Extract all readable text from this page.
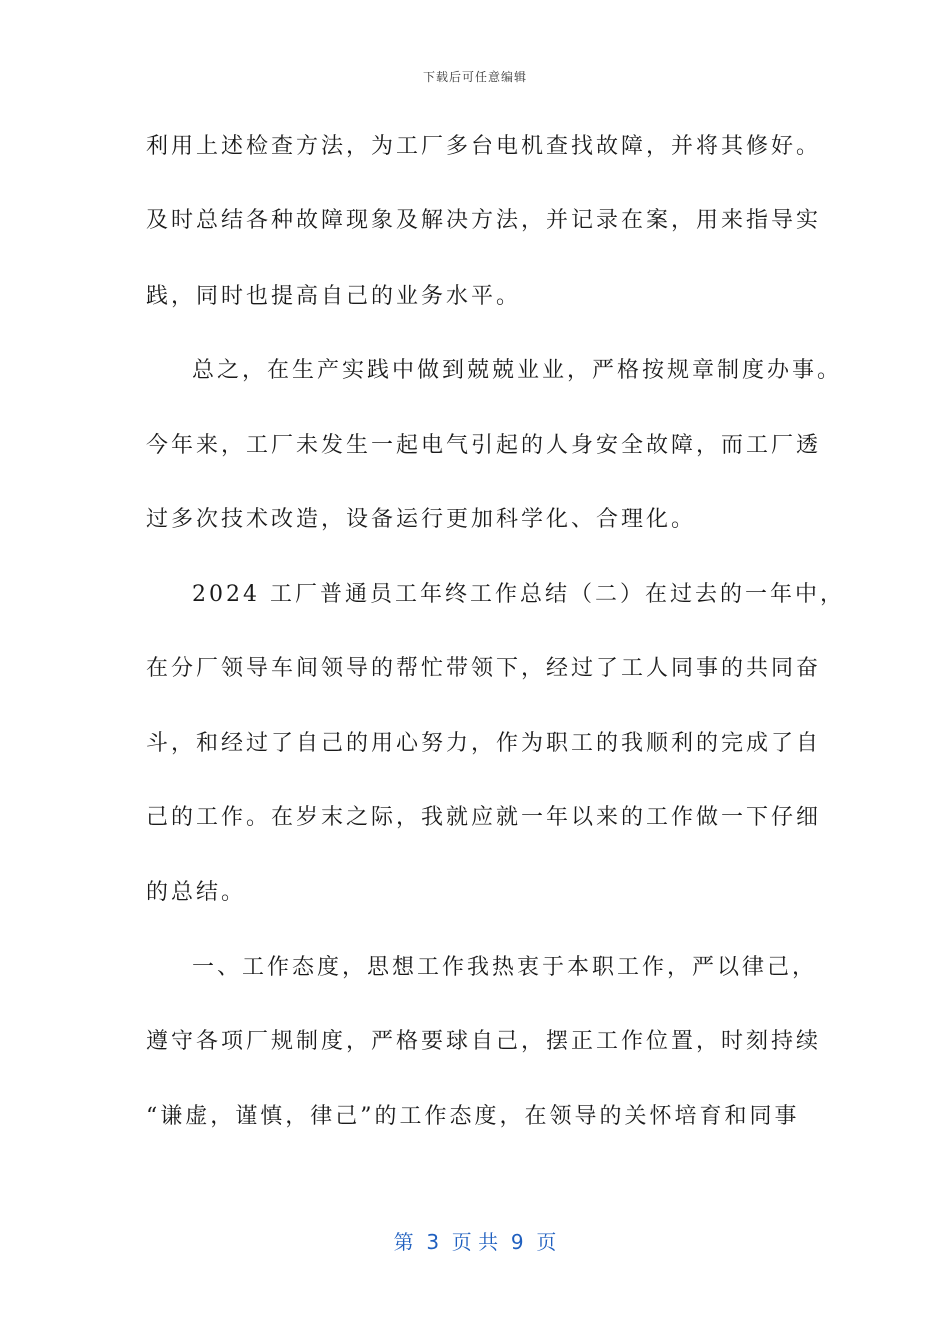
下载后可任意编辑
利用上述检查方法，为工厂多台电机查找故障，并将其修好。
及时总结各种故障现象及解决方法，并记录在案，用来指导实
践，同时也提高自己的业务水平。
总之，在生产实践中做到兢兢业业，严格按规章制度办事。
今年来，工厂未发生一起电气引起的人身安全故障，而工厂透
过多次技术改造，设备运行更加科学化、合理化。
2024 工厂普通员工年终工作总结（二）在过去的一年中，
在分厂领导车间领导的帮忙带领下，经过了工人同事的共同奋
斗，和经过了自己的用心努力，作为职工的我顺利的完成了自
己的工作。在岁末之际，我就应就一年以来的工作做一下仔细
的总结。
一、工作态度，思想工作我热衷于本职工作，严以律己，
遵守各项厂规制度，严格要球自己，摆正工作位置，时刻持续
“谦虚，谨慎，律己”的工作态度，在领导的关怀培育和同事
第  3  页 共  9  页
